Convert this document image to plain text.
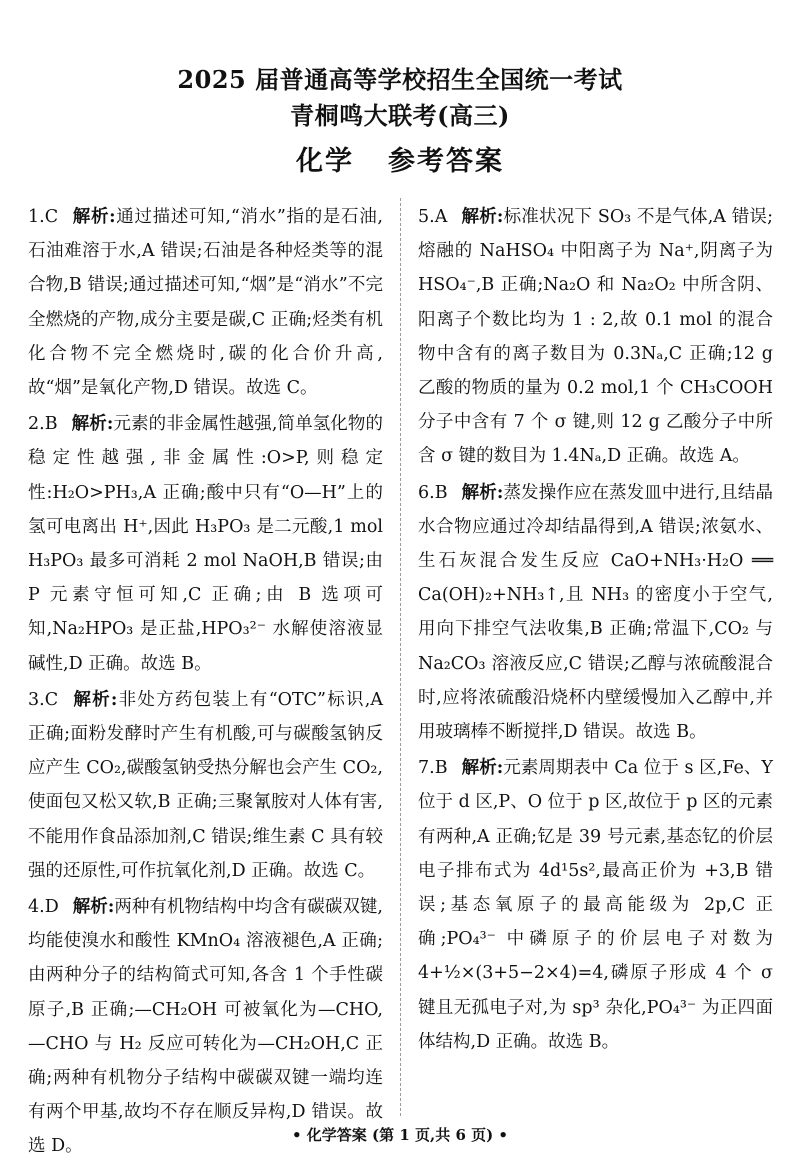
2025 届普通高等学校招生全国统一考试
青桐鸣大联考(高三)
化学 参考答案

1.C 解析:通过描述可知,“消水”指的是石油,石油难溶于水,A 错误;石油是各种烃类等的混合物,B 错误;通过描述可知,“烟”是“消水”不完全燃烧的产物,成分主要是碳,C 正确;烃类有机化合物不完全燃烧时,碳的化合价升高,故“烟”是氧化产物,D 错误。故选 C。

2.B 解析:元素的非金属性越强,简单氢化物的稳定性越强,非金属性:O>P,则稳定性:H₂O>PH₃,A 正确;酸中只有“O—H”上的氢可电离出 H⁺,因此 H₃PO₃ 是二元酸,1 mol H₃PO₃ 最多可消耗 2 mol NaOH,B 错误;由 P 元素守恒可知,C 正确;由 B 选项可知,Na₂HPO₃ 是正盐,HPO₃²⁻ 水解使溶液显碱性,D 正确。故选 B。

3.C 解析:非处方药包装上有“OTC”标识,A 正确;面粉发酵时产生有机酸,可与碳酸氢钠反应产生 CO₂,碳酸氢钠受热分解也会产生 CO₂,使面包又松又软,B 正确;三聚氰胺对人体有害,不能用作食品添加剂,C 错误;维生素 C 具有较强的还原性,可作抗氧化剂,D 正确。故选 C。

4.D 解析:两种有机物结构中均含有碳碳双键,均能使溴水和酸性 KMnO₄ 溶液褪色,A 正确;由两种分子的结构简式可知,各含 1 个手性碳原子,B 正确;—CH₂OH 可被氧化为—CHO,—CHO 与 H₂ 反应可转化为—CH₂OH,C 正确;两种有机物分子结构中碳碳双键一端均连有两个甲基,故均不存在顺反异构,D 错误。故选 D。

5.A 解析:标准状况下 SO₃ 不是气体,A 错误;熔融的 NaHSO₄ 中阳离子为 Na⁺,阴离子为 HSO₄⁻,B 正确;Na₂O 和 Na₂O₂ 中所含阴、阳离子个数比均为 1 : 2,故 0.1 mol 的混合物中含有的离子数目为 0.3Nₐ,C 正确;12 g 乙酸的物质的量为 0.2 mol,1 个 CH₃COOH 分子中含有 7 个 σ 键,则 12 g 乙酸分子中所含 σ 键的数目为 1.4Nₐ,D 正确。故选 A。

6.B 解析:蒸发操作应在蒸发皿中进行,且结晶水合物应通过冷却结晶得到,A 错误;浓氨水、生石灰混合发生反应 CaO+NH₃·H₂O ══ Ca(OH)₂+NH₃↑,且 NH₃ 的密度小于空气,用向下排空气法收集,B 正确;常温下,CO₂ 与 Na₂CO₃ 溶液反应,C 错误;乙醇与浓硫酸混合时,应将浓硫酸沿烧杯内壁缓慢加入乙醇中,并用玻璃棒不断搅拌,D 错误。故选 B。

7.B 解析:元素周期表中 Ca 位于 s 区,Fe、Y 位于 d 区,P、O 位于 p 区,故位于 p 区的元素有两种,A 正确;钇是 39 号元素,基态钇的价层电子排布式为 4d¹5s²,最高正价为 +3,B 错误;基态氧原子的最高能级为 2p,C 正确;PO₄³⁻ 中磷原子的价层电子对数为 4+½×(3+5−2×4)=4,磷原子形成 4 个 σ 键且无孤电子对,为 sp³ 杂化,PO₄³⁻ 为正四面体结构,D 正确。故选 B。

• 化学答案 (第 1 页,共 6 页) •
